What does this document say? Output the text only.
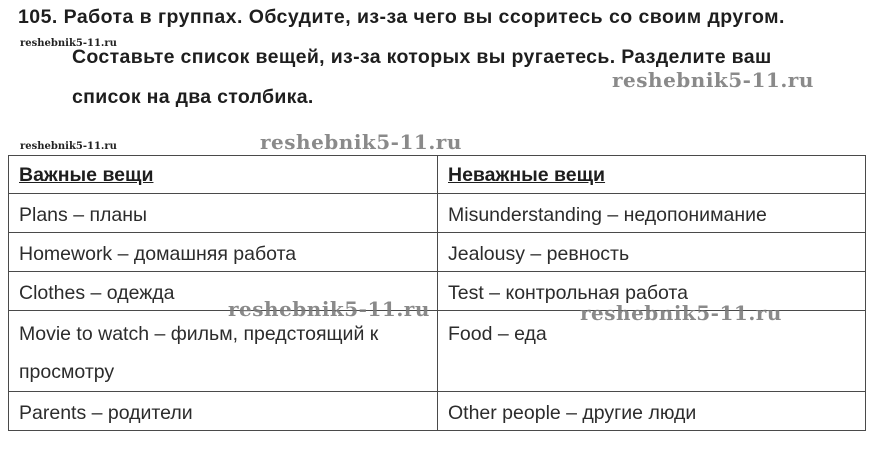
105. Работа в группах. Обсудите, из-за чего вы ссоритесь со своим другом.
Составьте список вещей, из-за которых вы ругаетесь. Разделите ваш
список на два столбика.
reshebnik5-11.ru
reshebnik5-11.ru
Важные вещи	Неважные вещи
Plans – планы	Misunderstanding – недопонимание
Homework – домашняя работа	Jealousy – ревность
Clothes – одежда	Test – контрольная работа
Movie to watch – фильм, предстоящий к просмотру	Food – еда
Parents – родители	Other people – другие люди
reshebnik5-11.ru
reshebnik5-11.ru
reshebnik5-11.ru	reshebnik5-11.ru
